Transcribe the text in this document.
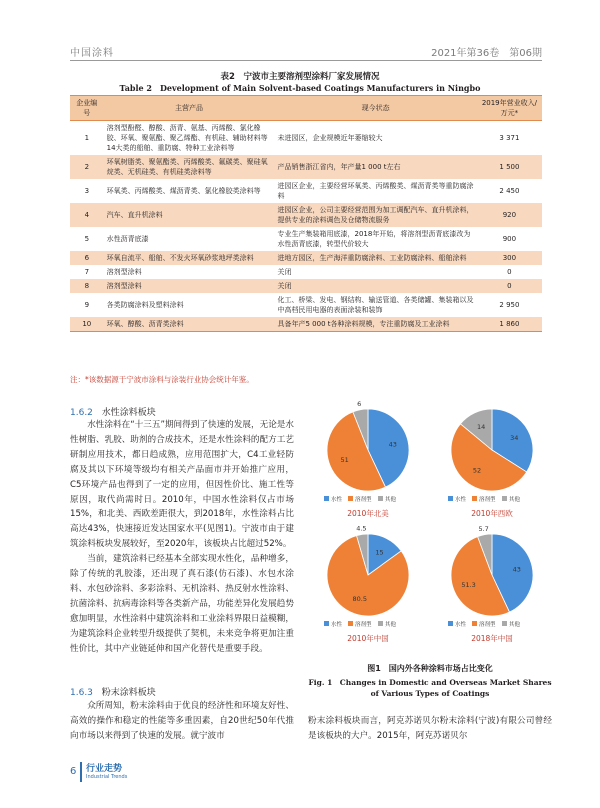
中国涂料	2021年第36卷　第06期
表2　宁波市主要溶剂型涂料厂家发展情况
Table 2　Development of Main Solvent-based Coatings Manufacturers in Ningbo
企业编号	主营产品	现今状态	2019年营业收入/万元*
1	溶剂型酚醛、醇酸、沥青、氨基、丙烯酸、氯化橡胶、环氧、聚氨酯、聚乙烯酯、有机硅、辅助材料等14大类的船舶、重防腐、特种工业涂料等	未进园区，企业规模近年萎缩较大	3 371
2	环氧树脂类、聚氨酯类、丙烯酸类、氟碳类、聚硅氧烷类、无机硅类、有机硅类涂料等	产品销售浙江省内，年产量1 000 t左右	1 500
3	环氧类、丙烯酸类、煤沥青类、氯化橡胶类涂料等	进园区企业，主要经营环氧类、丙烯酸类、煤沥青类等重防腐涂料	2 450
4	汽车、直升机涂料	进园区企业，公司主要经营范围为加工调配汽车、直升机涂料，提供专业的涂料调色及仓储物流服务	920
5	水性沥青底漆	专业生产集装箱用底漆，2018年开始，将溶剂型沥青底漆改为水性沥青底漆，转型代价较大	900
6	环氧自流平、船舶、不发火环氧砂浆地坪类涂料	进地方园区，生产海洋重防腐涂料、工业防腐涂料、船舶涂料	300
7	溶剂型涂料	关闭	0
8	溶剂型涂料	关闭	0
9	各类防腐涂料及塑料涂料	化工、桥梁、发电、钢结构、输送管道、各类储罐、集装箱以及中高档民用电器的表面涂装和装饰	2 950
10	环氧、醇酸、沥青类涂料	具备年产5 000 t各种涂料规模，专注重防腐及工业涂料	1 860
注：*该数据源于宁波市涂料与涂装行业协会统计年鉴。
1.6.2 水性涂料板块

水性涂料在“十三五”期间得到了快速的发展，无论是水性树脂、乳胶、助剂的合成技术，还是水性涂料的配方工艺研制应用技术，都日趋成熟，应用范围扩大，C4工业轻防腐及其以下环境等级均有相关产品面市并开始推广应用，C5环境产品也得到了一定的应用，但因性价比、施工性等原因，取代尚需时日。2010年，中国水性涂料仅占市场15%，和北美、西欧差距很大，到2018年，水性涂料占比高达43%，快速接近发达国家水平(见图1)。宁波市由于建筑涂料板块发展较好，至2020年，该板块占比超过52%。

当前，建筑涂料已经基本全部实现水性化，品种增多，除了传统的乳胶漆，还出现了真石漆(仿石漆)、水包水涂料、水包砂涂料、多彩涂料、无机涂料、热反射水性涂料、抗菌涂料、抗病毒涂料等各类新产品，功能差异化发展趋势愈加明显，水性涂料中建筑涂料和工业涂料界限日益模糊，为建筑涂料企业转型升级提供了契机，未来竞争将更加注重性价比，其中产业链延伸和国产化替代是重要手段。

1.6.3 粉末涂料板块

众所周知，粉末涂料由于优良的经济性和环境友好性、高效的操作和稳定的性能等多重因素，自20世纪50年代推向市场以来得到了快速的发展。就宁波市

43
51
6
水性 溶剂型 其他
2010年北美
34
52
14
水性 溶剂型 其他
2010年西欧
15
80.5
4.5
水性 溶剂型 其他
2010年中国
43
51.3
5.7
水性 溶剂型 其他
2018年中国
图1　国内外各种涂料市场占比变化
Fig. 1　Changes in Domestic and Overseas Market Shares
of Various Types of Coatings

粉末涂料板块而言，阿克苏诺贝尔粉末涂料(宁波)有限公司曾经是该板块的大户。2015年，阿克苏诺贝尔

6 行业走势
Industrial Trends
